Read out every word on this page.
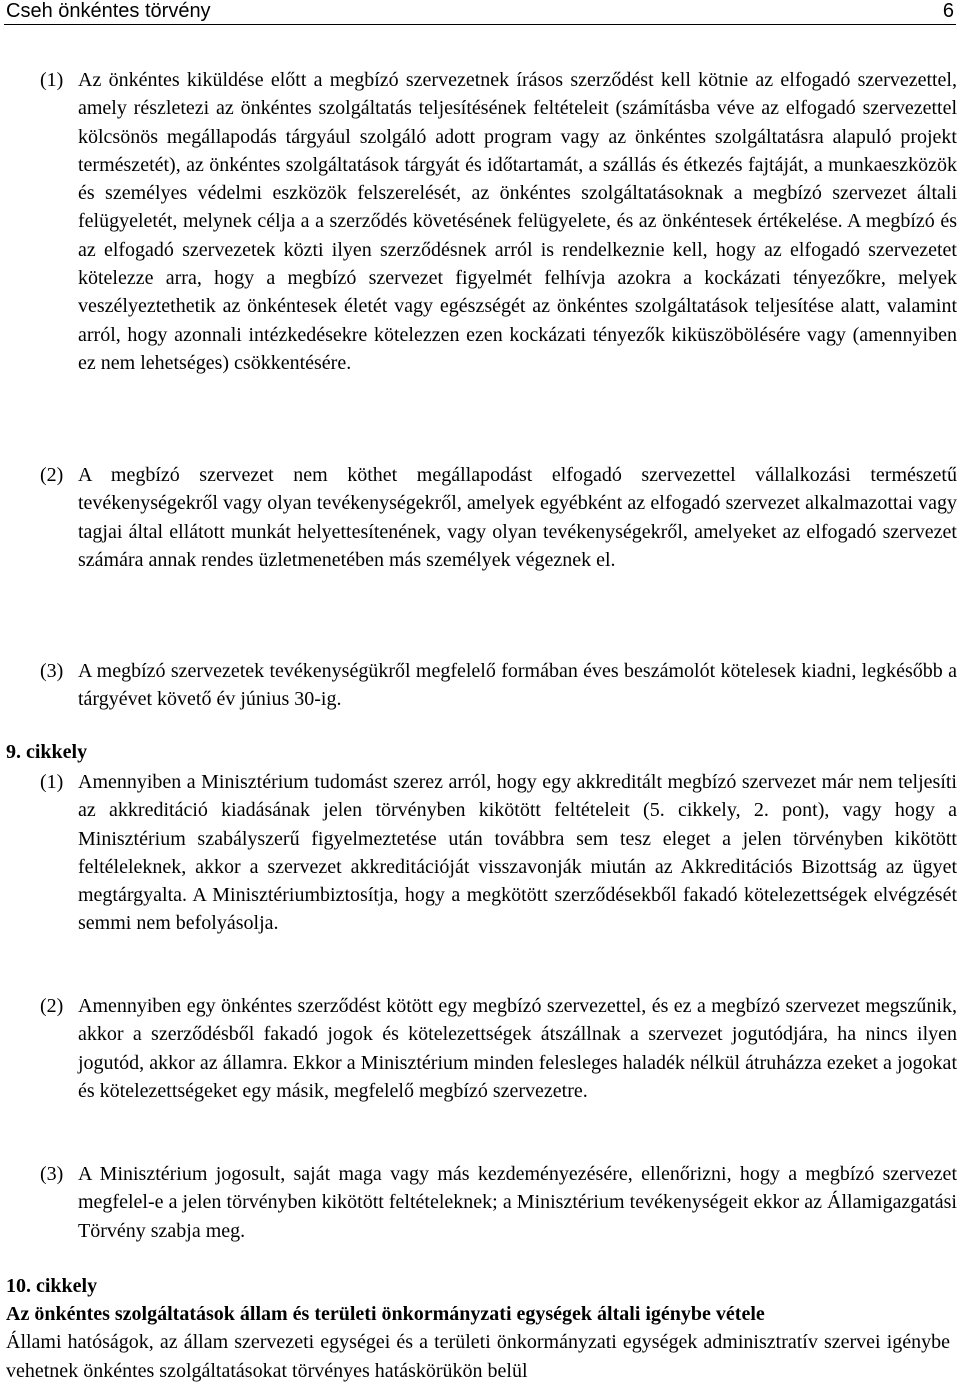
Cseh önkéntes törvény	6
(1) Az önkéntes kiküldése előtt a megbízó szervezetnek írásos szerződést kell kötnie az elfogadó szervezettel, amely részletezi az önkéntes szolgáltatás teljesítésének feltételeit (számításba véve az elfogadó szervezettel kölcsönös megállapodás tárgyául szolgáló adott program vagy az önkéntes szolgáltatásra alapuló projekt természetét), az önkéntes szolgáltatások tárgyát és időtartamát, a szállás és étkezés fajtáját, a munkaeszközök és személyes védelmi eszközök felszerelését, az önkéntes szolgáltatásoknak a megbízó szervezet általi felügyeletét, melynek célja a a szerződés követésének felügyelete, és az önkéntesek értékelése. A megbízó és az elfogadó szervezetek közti ilyen szerződésnek arról is rendelkeznie kell, hogy az elfogadó szervezetet kötelezze arra, hogy a megbízó szervezet figyelmét felhívja azokra a kockázati tényezőkre, melyek veszélyeztethetik az önkéntesek életét vagy egészségét az önkéntes szolgáltatások teljesítése alatt, valamint arról, hogy azonnali intézkedésekre kötelezzen ezen kockázati tényezők kiküszöbölésére vagy (amennyiben ez nem lehetséges) csökkentésére.
(2) A megbízó szervezet nem köthet megállapodást elfogadó szervezettel vállalkozási természetű tevékenységekről vagy olyan tevékenységekről, amelyek egyébként az elfogadó szervezet alkalmazottai vagy tagjai által ellátott munkát helyettesítenének, vagy olyan tevékenységekről, amelyeket az elfogadó szervezet számára annak rendes üzletmenetében más személyek végeznek el.
(3) A megbízó szervezetek tevékenységükről megfelelő formában éves beszámolót kötelesek kiadni, legkésőbb a tárgyévet követő év június 30-ig.
9. cikkely
(1) Amennyiben a Minisztérium tudomást szerez arról, hogy egy akkreditált megbízó szervezet már nem teljesíti az akkreditáció kiadásának jelen törvényben kikötött feltételeit (5. cikkely, 2. pont), vagy hogy a Minisztérium szabályszerű figyelmeztetése után továbbra sem tesz eleget a jelen törvényben kikötött feltéleleknek, akkor a szervezet akkreditációját visszavonják miután az Akkreditációs Bizottság az ügyet megtárgyalta. A Minisztériumbiztosítja, hogy a megkötött szerződésekből fakadó kötelezettségek elvégzését semmi nem befolyásolja.
(2) Amennyiben egy önkéntes szerződést kötött egy megbízó szervezettel, és ez a megbízó szervezet megszűnik, akkor a szerződésből fakadó jogok és kötelezettségek átszállnak a szervezet jogutódjára, ha nincs ilyen jogutód, akkor az államra. Ekkor a Minisztérium minden felesleges haladék nélkül átruházza ezeket a jogokat és kötelezettségeket egy másik, megfelelő megbízó szervezetre.
(3) A Minisztérium jogosult, saját maga vagy más kezdeményezésére, ellenőrizni, hogy a megbízó szervezet megfelel-e a jelen törvényben kikötött feltételeknek; a Minisztérium tevékenységeit ekkor az Államigazgatási Törvény szabja meg.
10. cikkely
Az önkéntes szolgáltatások állam és területi önkormányzati egységek általi igénybe vétele
Állami hatóságok, az állam szervezeti egységei és a területi önkormányzati egységek adminisztratív szervei igénybe vehetnek önkéntes szolgáltatásokat törvényes hatáskörükön belül
